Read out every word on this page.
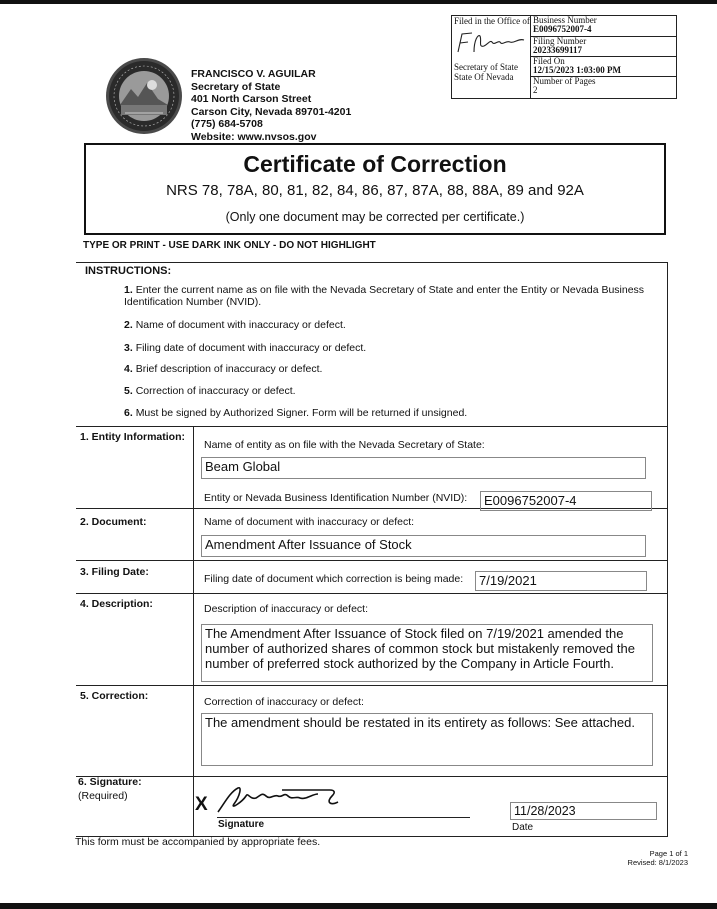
Filed in the Office of
Secretary of State
State Of Nevada
Business Number
E0096752007-4
Filing Number
20233699117
Filed On
12/15/2023 1:03:00 PM
Number of Pages
2
FRANCISCO V. AGUILAR
Secretary of State
401 North Carson Street
Carson City, Nevada 89701-4201
(775) 684-5708
Website: www.nvsos.gov
Certificate of Correction
NRS 78, 78A, 80, 81, 82, 84, 86, 87, 87A, 88, 88A, 89 and 92A
(Only one document may be corrected per certificate.)
TYPE OR PRINT - USE DARK INK ONLY - DO NOT HIGHLIGHT
INSTRUCTIONS:
1. Enter the current name as on file with the Nevada Secretary of State and enter the Entity or Nevada Business Identification Number (NVID).
2. Name of document with inaccuracy or defect.
3. Filing date of document with inaccuracy or defect.
4. Brief description of inaccuracy or defect.
5. Correction of inaccuracy or defect.
6. Must be signed by Authorized Signer. Form will be returned if unsigned.
1. Entity Information:
Name of entity as on file with the Nevada Secretary of State:
Beam Global
Entity or Nevada Business Identification Number (NVID):	E0096752007-4
2. Document:	Name of document with inaccuracy or defect:
Amendment After Issuance of Stock
3. Filing Date:
Filing date of document which correction is being made:	7/19/2021
4. Description:	Description of inaccuracy or defect:
The Amendment After Issuance of Stock filed on 7/19/2021 amended the number of authorized shares of common stock but mistakenly removed the number of preferred stock authorized by the Company in Article Fourth.
5. Correction:	Correction of inaccuracy or defect:
The amendment should be restated in its entirety as follows: See attached.
6. Signature:
(Required)	X
Signature
11/28/2023
Date
This form must be accompanied by appropriate fees.
Page 1 of 1
Revised: 8/1/2023
